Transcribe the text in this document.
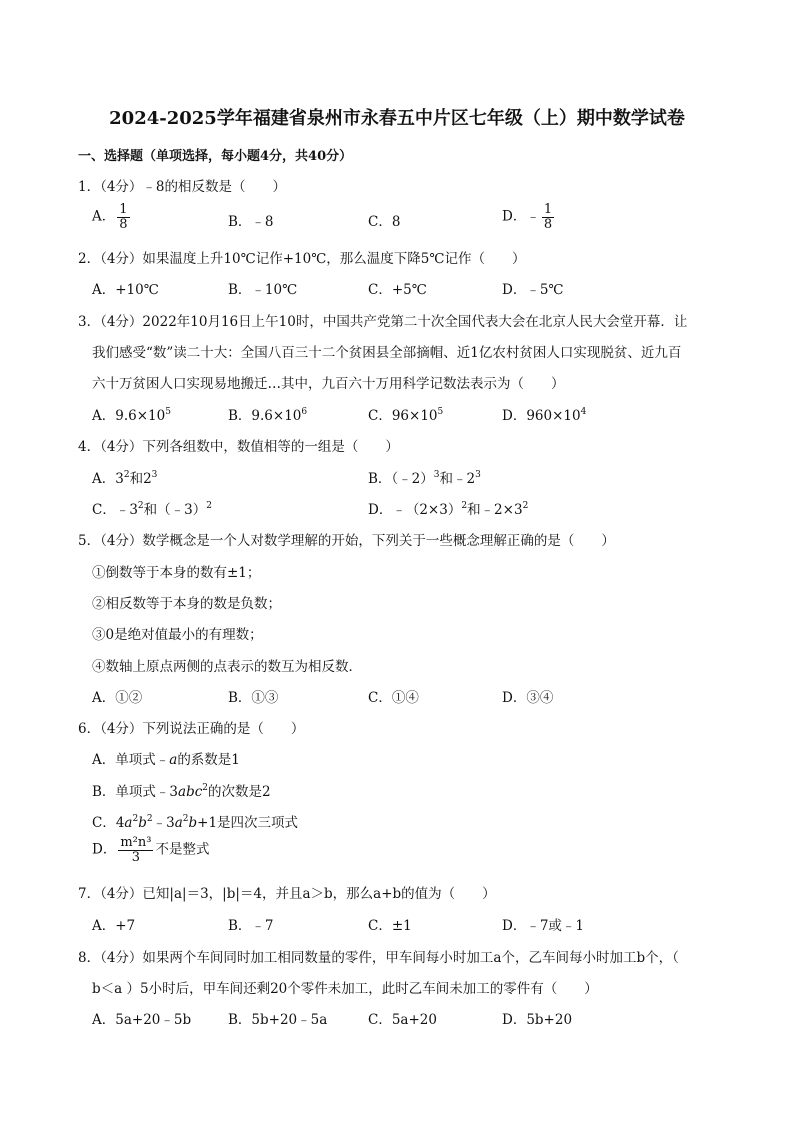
2024-2025学年福建省泉州市永春五中片区七年级（上）期中数学试卷
一、选择题（单项选择，每小题4分，共40分）
1．（4分）﹣8的相反数是（　　）
A． $\frac{1}{8}$	B．﹣8	C．8	D．﹣ $\frac{1}{8}$
2．（4分）如果温度上升10℃记作+10℃，那么温度下降5℃记作（　　）
A．+10℃	B．﹣10℃	C．+5℃	D．﹣5℃
3．（4分）2022年10月16日上午10时，中国共产党第二十次全国代表大会在北京人民大会堂开幕．让
我们感受“数”读二十大：全国八百三十二个贫困县全部摘帽、近1亿农村贫困人口实现脱贫、近九百
六十万贫困人口实现易地搬迁…其中，九百六十万用科学记数法表示为（　　）
A．$9.6\times 10^5$	B．$9.6\times 10^6$	C．$96\times 10^5$	D．$960\times 10^4$
4．（4分）下列各组数中，数值相等的一组是（　　）
A．$3^2$和$2^3$	B．（﹣2）$^3$和$﹣2^3$
C．$﹣3^2$和（﹣3）$^2$	D．$﹣(2\times 3)^2$和$﹣2\times 3^2$
5．（4分）数学概念是一个人对数学理解的开始，下列关于一些概念理解正确的是（　　）
①倒数等于本身的数有±1；
②相反数等于本身的数是负数；
③0是绝对值最小的有理数；
④数轴上原点两侧的点表示的数互为相反数．
A．①②	B．①③	C．①④	D．③④
6．（4分）下列说法正确的是（　　）
A．单项式﹣a的系数是1
B．单项式﹣3abc$^2$的次数是2
C．$4a^2b^2﹣3a^2b+1$是四次三项式
D． $\frac{\text{m²n³}}{3}$ 不是整式
7．（4分）已知|a|＝3，|b|＝4，并且a＞b，那么a+b的值为（　　）
A．+7	B．﹣7	C．±1	D．﹣7或﹣1
8．（4分）如果两个车间同时加工相同数量的零件，甲车间每小时加工a个，乙车间每小时加工b个，（
b＜a ）5小时后，甲车间还剩20个零件未加工，此时乙车间未加工的零件有（　　）
A．5a+20﹣5b	B．5b+20﹣5a	C．5a+20	D．5b+20
